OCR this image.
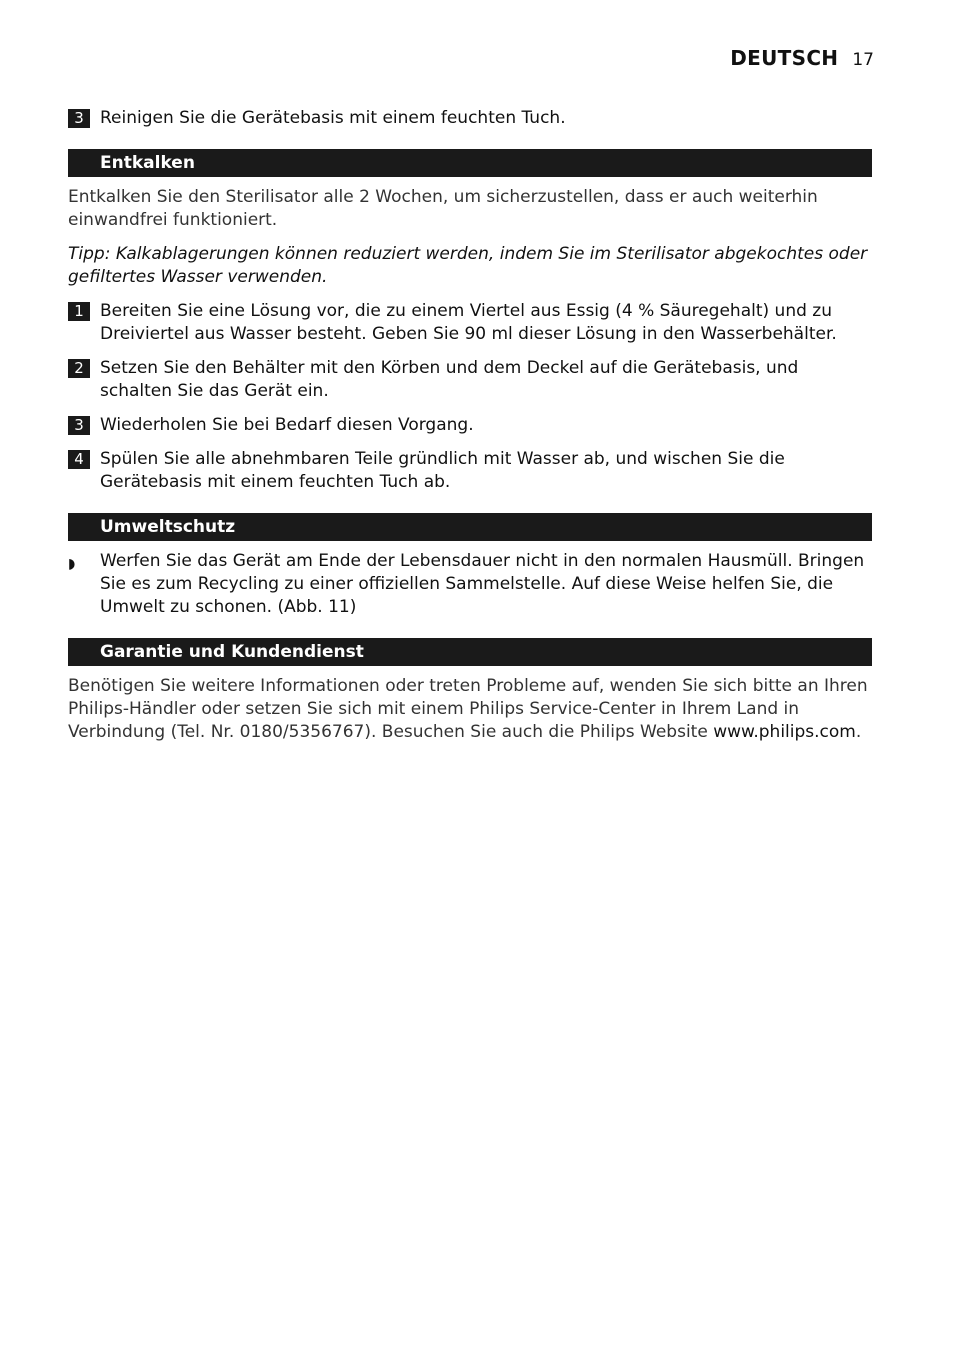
DEUTSCH 17
3 Reinigen Sie die Gerätebasis mit einem feuchten Tuch.
Entkalken
Entkalken Sie den Sterilisator alle 2 Wochen, um sicherzustellen, dass er auch weiterhin einwandfrei funktioniert.
Tipp: Kalkablagerungen können reduziert werden, indem Sie im Sterilisator abgekochtes oder gefiltertes Wasser verwenden.
1 Bereiten Sie eine Lösung vor, die zu einem Viertel aus Essig (4 % Säuregehalt) und zu Dreiviertel aus Wasser besteht. Geben Sie 90 ml dieser Lösung in den Wasserbehälter.
2 Setzen Sie den Behälter mit den Körben und dem Deckel auf die Gerätebasis, und schalten Sie das Gerät ein.
3 Wiederholen Sie bei Bedarf diesen Vorgang.
4 Spülen Sie alle abnehmbaren Teile gründlich mit Wasser ab, und wischen Sie die Gerätebasis mit einem feuchten Tuch ab.
Umweltschutz
◗ Werfen Sie das Gerät am Ende der Lebensdauer nicht in den normalen Hausmüll. Bringen Sie es zum Recycling zu einer offiziellen Sammelstelle. Auf diese Weise helfen Sie, die Umwelt zu schonen. (Abb. 11)
Garantie und Kundendienst
Benötigen Sie weitere Informationen oder treten Probleme auf, wenden Sie sich bitte an Ihren Philips-Händler oder setzen Sie sich mit einem Philips Service-Center in Ihrem Land in Verbindung (Tel. Nr. 0180/5356767). Besuchen Sie auch die Philips Website www.philips.com.
